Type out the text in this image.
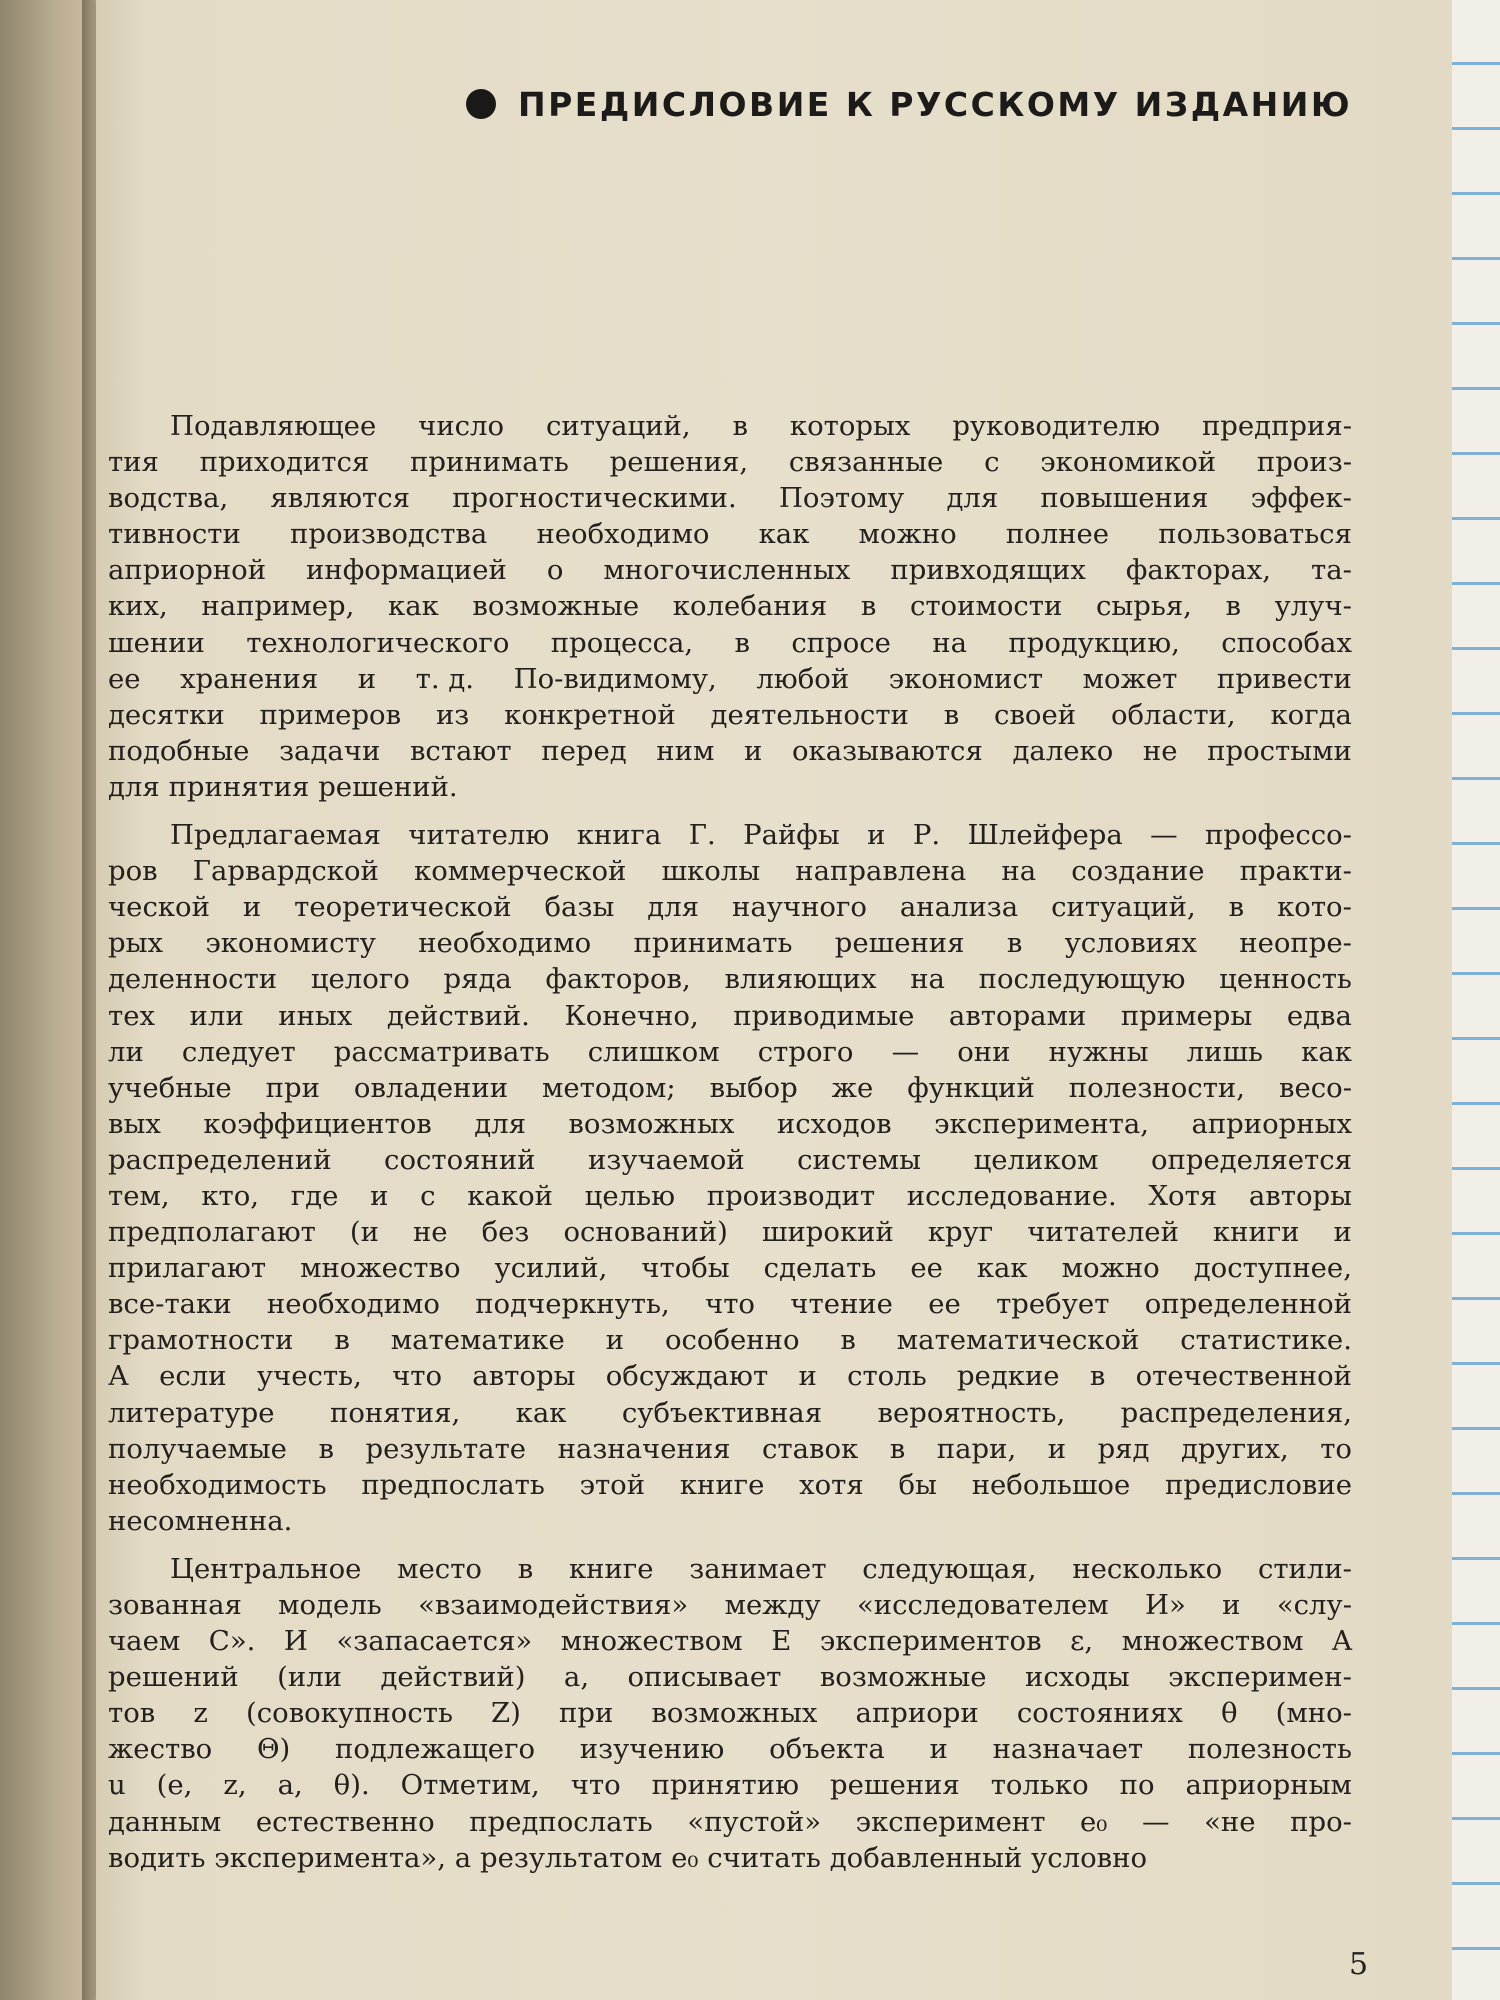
ПРЕДИСЛОВИЕ К РУССКОМУ ИЗДАНИЮ
Подавляющее число ситуаций, в которых руководителю предприя-
тия приходится принимать решения, связанные с экономикой произ-
водства, являются прогностическими. Поэтому для повышения эффек-
тивности производства необходимо как можно полнее пользоваться
априорной информацией о многочисленных привходящих факторах, та-
ких, например, как возможные колебания в стоимости сырья, в улуч-
шении технологического процесса, в спросе на продукцию, способах
ее хранения и т. д. По-видимому, любой экономист может привести
десятки примеров из конкретной деятельности в своей области, когда
подобные задачи встают перед ним и оказываются далеко не простыми
для принятия решений.
Предлагаемая читателю книга Г. Райфы и Р. Шлейфера — профессо-
ров Гарвардской коммерческой школы направлена на создание практи-
ческой и теоретической базы для научного анализа ситуаций, в кото-
рых экономисту необходимо принимать решения в условиях неопре-
деленности целого ряда факторов, влияющих на последующую ценность
тех или иных действий. Конечно, приводимые авторами примеры едва
ли следует рассматривать слишком строго — они нужны лишь как
учебные при овладении методом; выбор же функций полезности, весо-
вых коэффициентов для возможных исходов эксперимента, априорных
распределений состояний изучаемой системы целиком определяется
тем, кто, где и с какой целью производит исследование. Хотя авторы
предполагают (и не без оснований) широкий круг читателей книги и
прилагают множество усилий, чтобы сделать ее как можно доступнее,
все-таки необходимо подчеркнуть, что чтение ее требует определенной
грамотности в математике и особенно в математической статистике.
А если учесть, что авторы обсуждают и столь редкие в отечественной
литературе понятия, как субъективная вероятность, распределения,
получаемые в результате назначения ставок в пари, и ряд других, то
необходимость предпослать этой книге хотя бы небольшое предисловие
несомненна.
Центральное место в книге занимает следующая, несколько стили-
зованная модель «взаимодействия» между «исследователем И» и «слу-
чаем С». И «запасается» множеством E экспериментов ε, множеством A
решений (или действий) a, описывает возможные исходы эксперимен-
тов z (совокупность Z) при возможных априори состояниях θ (мно-
жество Θ) подлежащего изучению объекта и назначает полезность
u (e, z, a, θ). Отметим, что принятию решения только по априорным
данным естественно предпослать «пустой» эксперимент e₀ — «не про-
водить эксперимента», а результатом e₀ считать добавленный условно
5
